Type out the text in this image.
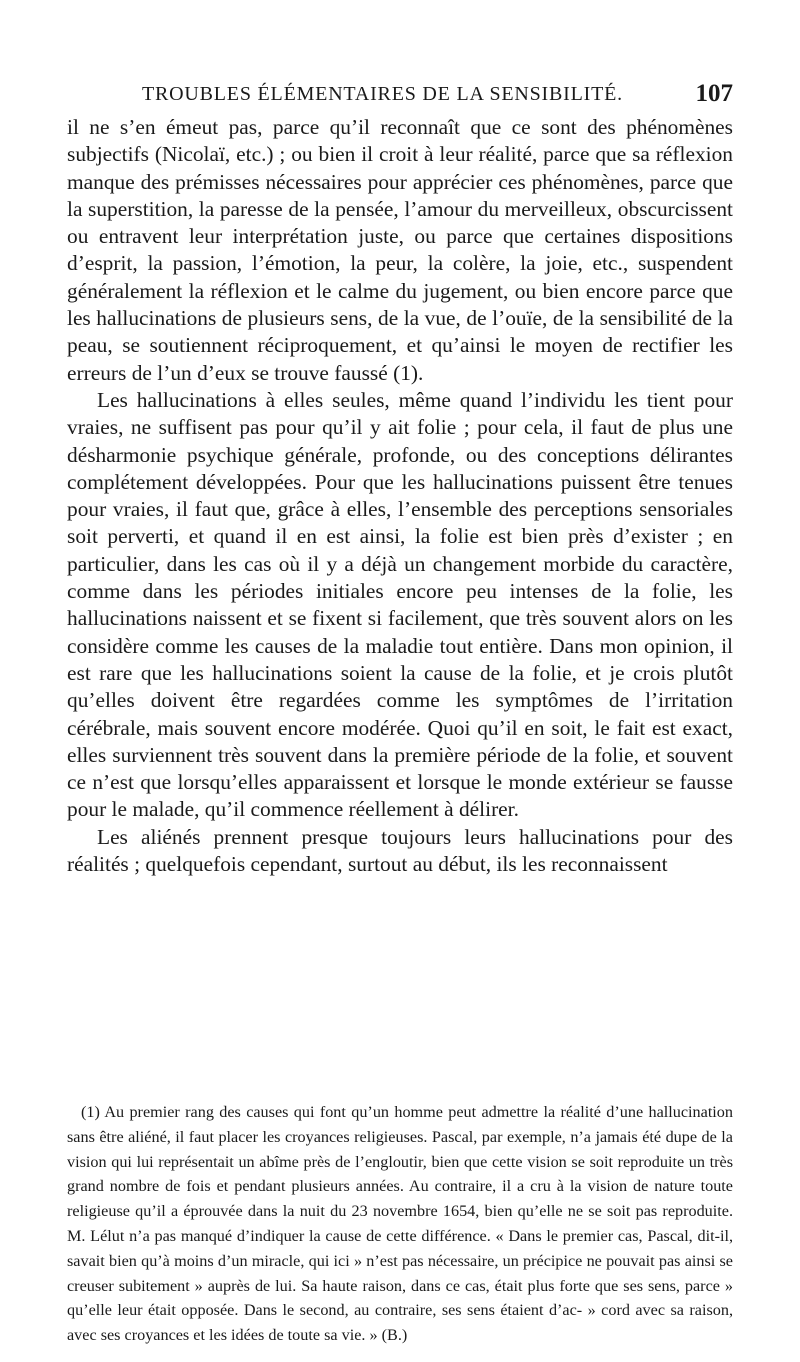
TROUBLES ÉLÉMENTAIRES DE LA SENSIBILITÉ.	107

il ne s’en émeut pas, parce qu’il reconnaît que ce sont des phénomènes subjectifs (Nicolaï, etc.) ; ou bien il croit à leur réalité, parce que sa réflexion manque des prémisses nécessaires pour apprécier ces phénomènes, parce que la superstition, la paresse de la pensée, l’amour du merveilleux, obscurcissent ou entravent leur interprétation juste, ou parce que certaines dispositions d’esprit, la passion, l’émotion, la peur, la colère, la joie, etc., suspendent généralement la réflexion et le calme du jugement, ou bien encore parce que les hallucinations de plusieurs sens, de la vue, de l’ouïe, de la sensibilité de la peau, se soutiennent réciproquement, et qu’ainsi le moyen de rectifier les erreurs de l’un d’eux se trouve faussé (1).

Les hallucinations à elles seules, même quand l’individu les tient pour vraies, ne suffisent pas pour qu’il y ait folie ; pour cela, il faut de plus une désharmonie psychique générale, profonde, ou des conceptions délirantes complétement développées. Pour que les hallucinations puissent être tenues pour vraies, il faut que, grâce à elles, l’ensemble des perceptions sensoriales soit perverti, et quand il en est ainsi, la folie est bien près d’exister ; en particulier, dans les cas où il y a déjà un changement morbide du caractère, comme dans les périodes initiales encore peu intenses de la folie, les hallucinations naissent et se fixent si facilement, que très souvent alors on les considère comme les causes de la maladie tout entière. Dans mon opinion, il est rare que les hallucinations soient la cause de la folie, et je crois plutôt qu’elles doivent être regardées comme les symptômes de l’irritation cérébrale, mais souvent encore modérée. Quoi qu’il en soit, le fait est exact, elles surviennent très souvent dans la première période de la folie, et souvent ce n’est que lorsqu’elles apparaissent et lorsque le monde extérieur se fausse pour le malade, qu’il commence réellement à délirer.

Les aliénés prennent presque toujours leurs hallucinations pour des réalités ; quelquefois cependant, surtout au début, ils les reconnaissent

(1) Au premier rang des causes qui font qu’un homme peut admettre la réalité d’une hallucination sans être aliéné, il faut placer les croyances religieuses. Pascal, par exemple, n’a jamais été dupe de la vision qui lui représentait un abîme près de l’engloutir, bien que cette vision se soit reproduite un très grand nombre de fois et pendant plusieurs années. Au contraire, il a cru à la vision de nature toute religieuse qu’il a éprouvée dans la nuit du 23 novembre 1654, bien qu’elle ne se soit pas reproduite. M. Lélut n’a pas manqué d’indiquer la cause de cette différence. « Dans le premier cas, Pascal, dit-il, savait bien qu’à moins d’un miracle, qui ici » n’est pas nécessaire, un précipice ne pouvait pas ainsi se creuser subitement » auprès de lui. Sa haute raison, dans ce cas, était plus forte que ses sens, parce » qu’elle leur était opposée. Dans le second, au contraire, ses sens étaient d’ac- » cord avec sa raison, avec ses croyances et les idées de toute sa vie. » (B.)
